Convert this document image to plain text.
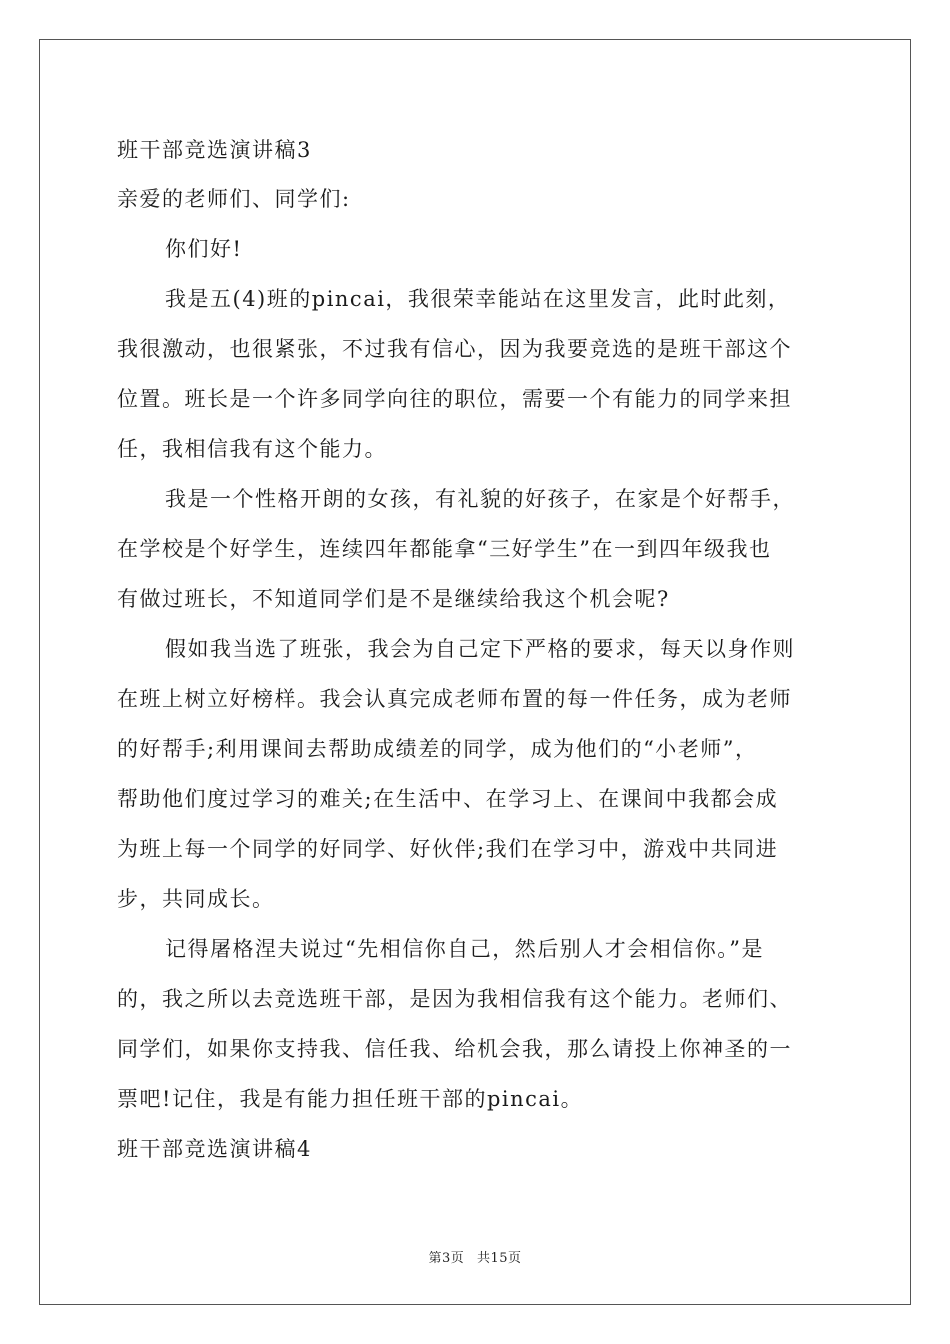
班干部竞选演讲稿3

亲爱的老师们、同学们:

你们好!

我是五(4)班的pincai，我很荣幸能站在这里发言，此时此刻，

我很激动，也很紧张，不过我有信心，因为我要竞选的是班干部这个

位置。班长是一个许多同学向往的职位，需要一个有能力的同学来担

任，我相信我有这个能力。

我是一个性格开朗的女孩，有礼貌的好孩子，在家是个好帮手，

在学校是个好学生，连续四年都能拿“三好学生”在一到四年级我也

有做过班长，不知道同学们是不是继续给我这个机会呢?

假如我当选了班张，我会为自己定下严格的要求，每天以身作则

在班上树立好榜样。我会认真完成老师布置的每一件任务，成为老师

的好帮手;利用课间去帮助成绩差的同学，成为他们的“小老师”，

帮助他们度过学习的难关;在生活中、在学习上、在课间中我都会成

为班上每一个同学的好同学、好伙伴;我们在学习中，游戏中共同进

步，共同成长。

记得屠格涅夫说过“先相信你自己，然后别人才会相信你。”是

的，我之所以去竞选班干部，是因为我相信我有这个能力。老师们、

同学们，如果你支持我、信任我、给机会我，那么请投上你神圣的一

票吧!记住，我是有能力担任班干部的pincai。

班干部竞选演讲稿4

第3页 共15页
